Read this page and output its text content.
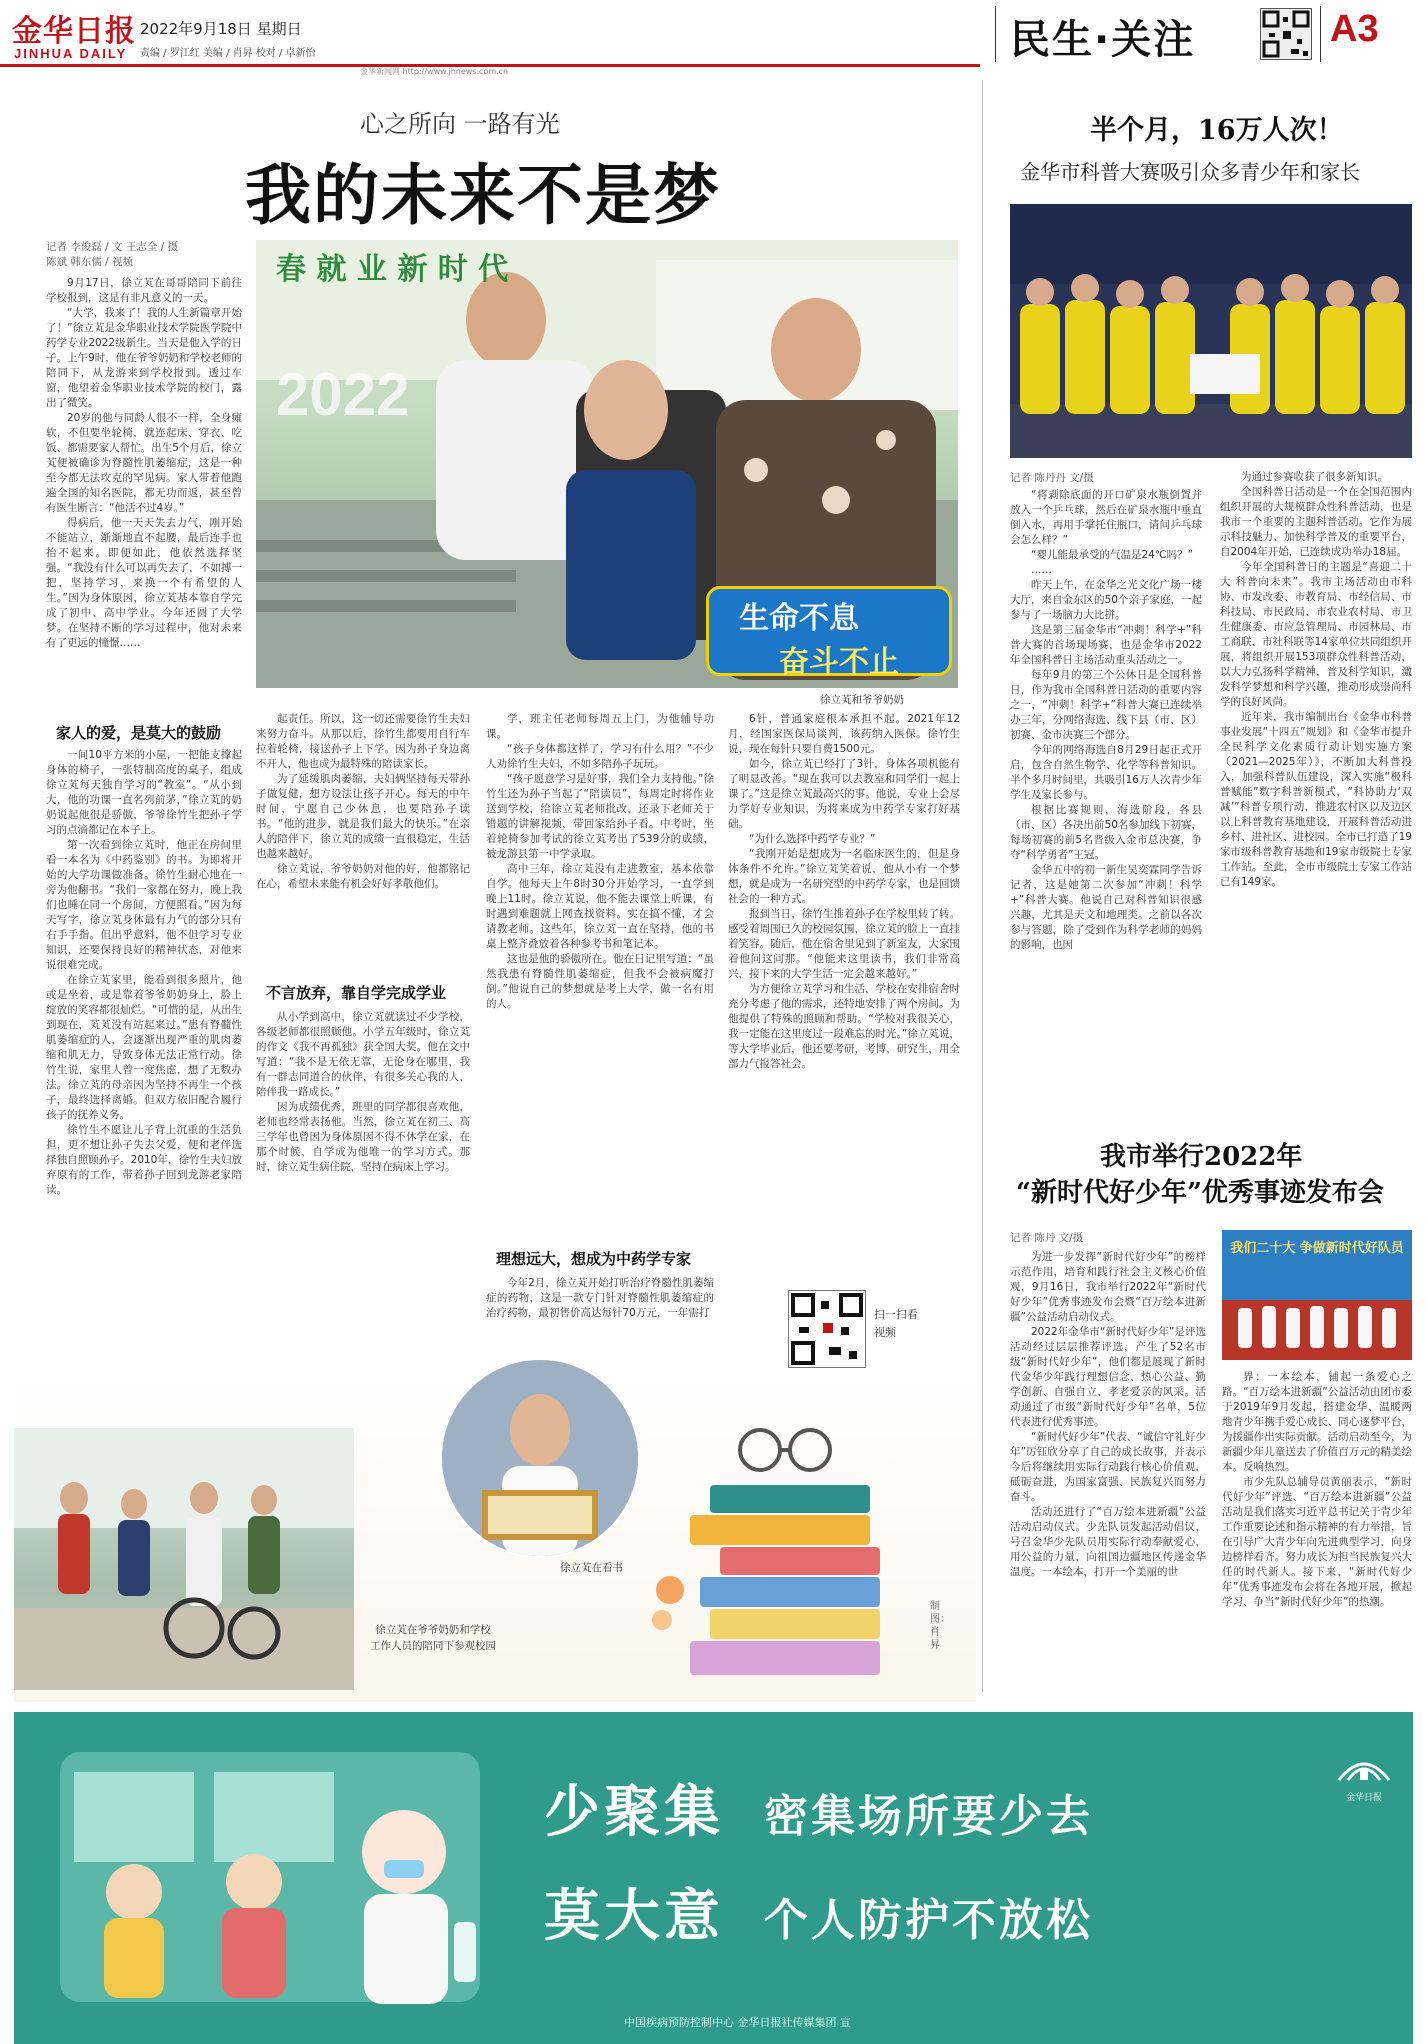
金华日报
JINHUA DAILY
2022年9月18日 星期日
责编 / 罗江红 美编 / 肖昇 校对 / 卓新怡
金华新闻网 http://www.jhnews.com.cn
民生·关注	A3
心之所向 一路有光
我的未来不是梦
记者 李俊磊 / 文 王志全 / 摄
陈斌 韩东儒 / 视频
2022
春 就 业 新 时 代
生命不息
奋斗不止
徐立芄和爷爷奶奶

9月17日，徐立芄在哥哥陪同下前往学校报到，这是有非凡意义的一天。

“大学，我来了！我的人生新篇章开始了！”徐立芄是金华职业技术学院医学院中药学专业2022级新生。当天是他入学的日子。上午9时，他在爷爷奶奶和学校老师的陪同下，从龙游来到学校报到。透过车窗，他望着金华职业技术学院的校门，露出了微笑。

20岁的他与同龄人很不一样，全身瘫软，不但要坐轮椅，就连起床、穿衣、吃饭、都需要家人帮忙。出生5个月后，徐立芄便被确诊为脊髓性肌萎缩症，这是一种至今都无法攻克的罕见病。家人带着他跑遍全国的知名医院，都无功而返，甚至曾有医生断言：“他活不过4岁。”

得病后，他一天天失去力气，刚开始不能站立，渐渐地直不起腰，最后连手也抬不起来。即便如此，他依然选择坚强。“我没有什么可以再失去了，不如搏一把，坚持学习，来换一个有希望的人生。”因为身体原因，徐立芄基本靠自学完成了初中、高中学业。今年还圆了大学梦。在坚持不断的学习过程中，他对未来有了更远的憧憬……

家人的爱，是莫大的鼓励

一间10平方米的小屋，一把能支撑起身体的椅子，一张特制高度的桌子，组成徐立芄每天独自学习的“教室”。“从小到大，他的功课一直名列前茅，”徐立芄的奶奶说起他很是骄傲，爷爷徐竹生把孙子学习的点滴都记在本子上。

第一次看到徐立芄时，他正在房间里看一本名为《中药鉴别》的书。为即将开始的大学功课做准备。徐竹生耐心地在一旁为他翻书。“我们一家都在努力，晚上我们也睡在同一个房间，方便照看。”因为每天写字，徐立芄身体最有力气的部分只有右手手指。但出乎意料，他不但学习专业知识，还要保持良好的精神状态，对他来说很难完成。

在徐立芄家里，能看到很多照片，他或是坐着，或是靠着爷爷奶奶身上，脸上绽放的笑容都很灿烂。“可惜的是，从出生到现在，芄芄没有站起来过。”患有脊髓性肌萎缩症的人，会逐渐出现严重的肌肉萎缩和肌无力，导致身体无法正常行动。徐竹生说，家里人曾一度焦虑，想了无数办法。徐立芄的母亲因为坚持不再生一个孩子，最终选择离婚。但双方依旧配合履行孩子的抚养义务。

徐竹生不愿让儿子背上沉重的生活负担，更不想让孙子失去父爱，便和老伴选择独自照顾孙子。2010年，徐竹生夫妇放弃原有的工作，带着孙子回到龙游老家陪读。

起责任。所以，这一切还需要徐竹生夫妇来努力奋斗。从那以后，徐竹生都要用自行车拉着轮椅，接送孙子上下学。因为孙子身边离不开人，他也成为最特殊的陪读家长。

为了延缓肌肉萎缩，夫妇俩坚持每天带孙子做复健，想方设法让孩子开心。每天的中午时间，宁愿自己少休息，也要陪孙子读书。“他的进步，就是我们最大的快乐。”在亲人的陪伴下，徐立芄的成绩一直很稳定，生活也越来越好。

徐立芄说，爷爷奶奶对他的好，他都铭记在心，希望未来能有机会好好孝敬他们。

不言放弃，靠自学完成学业

从小学到高中，徐立芄就读过不少学校，各级老师都很照顾他。小学五年级时，徐立芄的作文《我不再孤独》获全国大奖。他在文中写道：“我不是无依无靠，无论身在哪里，我有一群志同道合的伙伴，有很多关心我的人，陪伴我一路成长。”

因为成绩优秀，班里的同学都很喜欢他，老师也经常表扬他。当然，徐立芄在初三、高三学年也曾因为身体原因不得不休学在家，在那个时候，自学成为他唯一的学习方式。那时，徐立芄生病住院，坚持在病床上学习。

学，班主任老师每周五上门，为他辅导功课。

“孩子身体都这样了，学习有什么用？”不少人劝徐竹生夫妇，不如多陪孙子玩玩。

“孩子愿意学习是好事，我们全力支持他。”徐竹生还为孙子当起了“陪读员”，每周定时将作业送到学校，给徐立芄老师批改，还录下老师关于错题的讲解视频，带回家给孙子看。中考时，坐着轮椅参加考试的徐立芄考出了539分的成绩，被龙游县第一中学录取。

高中三年，徐立芄没有走进教室，基本依靠自学。他每天上午8时30分开始学习，一直学到晚上11时。徐立芄说，他不能去课堂上听课，有时遇到难题就上网查找资料。实在搞不懂，才会请教老师。这些年，徐立芄一直在坚持，他的书桌上整齐叠放着各种参考书和笔记本。

这也是他的骄傲所在。他在日记里写道：“虽然我患有脊髓性肌萎缩症，但我不会被病魔打倒。”他说自己的梦想就是考上大学，做一名有用的人。

理想远大，想成为中药学专家

今年2月，徐立芄开始打听治疗脊髓性肌萎缩症的药物，这是一款专门针对脊髓性肌萎缩症的治疗药物，最初售价高达每针70万元，一年需打

6针，普通家庭根本承担不起。2021年12月，经国家医保局谈判，该药纳入医保。徐竹生说，现在每针只要自费1500元。

如今，徐立芄已经打了3针，身体各项机能有了明显改善。“现在我可以去教室和同学们一起上课了。”这是徐立芄最高兴的事。他说，专业上会尽力学好专业知识，为将来成为中药学专家打好基础。

“为什么选择中药学专业？”

“我刚开始是想成为一名临床医生的，但是身体条件不允许。”徐立芄笑着说，他从小有一个梦想，就是成为一名研究型的中药学专家，也是回馈社会的一种方式。

报到当日，徐竹生推着孙子在学校里转了转。感受着周围已久的校园氛围，徐立芄的脸上一直挂着笑容。随后，他在宿舍里见到了新室友，大家围着他问这问那。“他能来这里读书，我们非常高兴，接下来的大学生活一定会越来越好。”

为方便徐立芄学习和生活，学校在安排宿舍时充分考虑了他的需求，还特地安排了两个房间。为他提供了特殊的照顾和帮助。“学校对我很关心，我一定能在这里度过一段难忘的时光。”徐立芄说，等大学毕业后，他还要考研，考博，研究生，用全部力气报答社会。

扫一扫看视频
徐立芄在爷爷奶奶和学校
工作人员的陪同下参观校园
徐立芄在看书
制图：肖昇
半个月，16万人次！
金华市科普大赛吸引众多青少年和家长
记者 陈丹丹 文/摄

“将剥除底面的开口矿泉水瓶倒置并放入一个乒乓球，然后在矿泉水瓶中垂直倒入水，再用手掌托住瓶口，请问乒乓球会怎么样？”

“婴儿能最承受的气温是24℃吗？”

……

昨天上午，在金华之光文化广场一楼大厅，来自金东区的50个亲子家庭，一起参与了一场脑力大比拼。

这是第三届金华市“冲刺！科学+”科普大赛的首场现场赛，也是金华市2022年全国科普日主场活动重头活动之一。

每年9月的第三个公休日是全国科普日，作为我市全国科普日活动的重要内容之一，“冲刺！科学+”科普大赛已连续举办三年，分网络海选、线下县（市、区）初赛、金市决赛三个部分。

今年的网络海选自8月29日起正式开启，包含自然生物学、化学等科普知识。半个多月时间里，共吸引16万人次青少年学生及家长参与。

根据比赛规则，海选阶段，各县（市、区）各决出前50名参加线下初赛，每场初赛的前5名晋级入金市总决赛，争夺“科学勇者”王冠。

金华五中的初一新生吴奕霖同学告诉记者，这是她第二次参加“冲刺！科学+”科普大赛。他说自己对科普知识很感兴趣，尤其是天文和地理类。之前以各次参与答题，除了受到作为科学老师的妈妈的影响，也因

为通过参赛收获了很多新知识。

全国科普日活动是一个在全国范围内组织开展的大规模群众性科普活动，也是我市一个重要的主题科普活动。它作为展示科技魅力、加快科学普及的重要平台，自2004年开始，已连续成功举办18届。

今年全国科普日的主题是“喜迎二十大 科普向未来”。我市主场活动由市科协、市发改委、市教育局、市经信局、市科技局、市民政局、市农业农村局、市卫生健康委、市应急管理局、市园林局、市工商联、市社科联等14家单位共同组织开展，将组织开展153项群众性科普活动，以大力弘扬科学精神，普及科学知识，激发科学梦想和科学兴趣，推动形成崇尚科学的良好风尚。

近年来，我市编制出台《金华市科普事业发展“十四五”规划》和《金华市提升全民科学文化素质行动计划实施方案（2021—2025年）》，不断加大科普投入，加强科普队伍建设，深入实施“极科普赋能”数字科普新模式，“科协助力‘双减’”科普专项行动，推进农村区以及边区以上科普教育基地建设，开展科普活动进乡村、进社区、进校园。全市已打造了19家市级科普教育基地和19家市级院士专家工作站。至此，全市市级院士专家工作站已有149家。

我市举行2022年
“新时代好少年”优秀事迹发布会
记者 陈丹 文/摄
我们二十大 争做新时代好队员

为进一步发挥“新时代好少年”的榜样示范作用，培育和践行社会主义核心价值观，9月16日，我市举行2022年“新时代好少年”优秀事迹发布会暨“百万绘本进新疆”公益活动启动仪式。

2022年金华市“新时代好少年”是评选活动经过层层推荐评选，产生了52名市级“新时代好少年”，他们都是展现了新时代金华少年践行理想信念、热心公益、勤学创新、自强自立、孝老爱亲的风采。活动通过了市级“新时代好少年”名单，5位代表进行优秀事迹。

“新时代好少年”代表、“诚信守礼好少年”厉钰欣分享了自己的成长故事，并表示今后将继续用实际行动践行核心价值观，砥砺奋进，为国家富强、民族复兴而努力奋斗。

活动还进行了“百万绘本进新疆”公益活动启动仪式。少先队员发起活动倡议，号召金华少先队员用实际行动奉献爱心，用公益的力量，向祖国边疆地区传递金华温度。一本绘本，打开一个美丽的世

界；一本绘本，铺起一条爱心之路。“百万绘本进新疆”公益活动由团市委于2019年9月发起，搭建金华、温暖两地青少年携手爱心成长、同心逐梦平台，为援疆作出实际贡献。活动启动至今，为新疆少年儿童送去了价值百万元的精美绘本。反响热烈。

市少先队总辅导员黄丽表示，“新时代好少年”评选、“百万绘本进新疆”公益活动是我们落实习近平总书记关于青少年工作重要论述和指示精神的有力举措，旨在引导广大青少年向先进典型学习，向身边榜样看齐。努力成长为担当民族复兴大任的时代新人。接下来，“新时代好少年”优秀事迹发布会将在各地开展，掀起学习、争当“新时代好少年”的热潮。

少聚集 密集场所要少去
莫大意 个人防护不放松
中国疾病预防控制中心 金华日报社传媒集团 宣
金华日报
